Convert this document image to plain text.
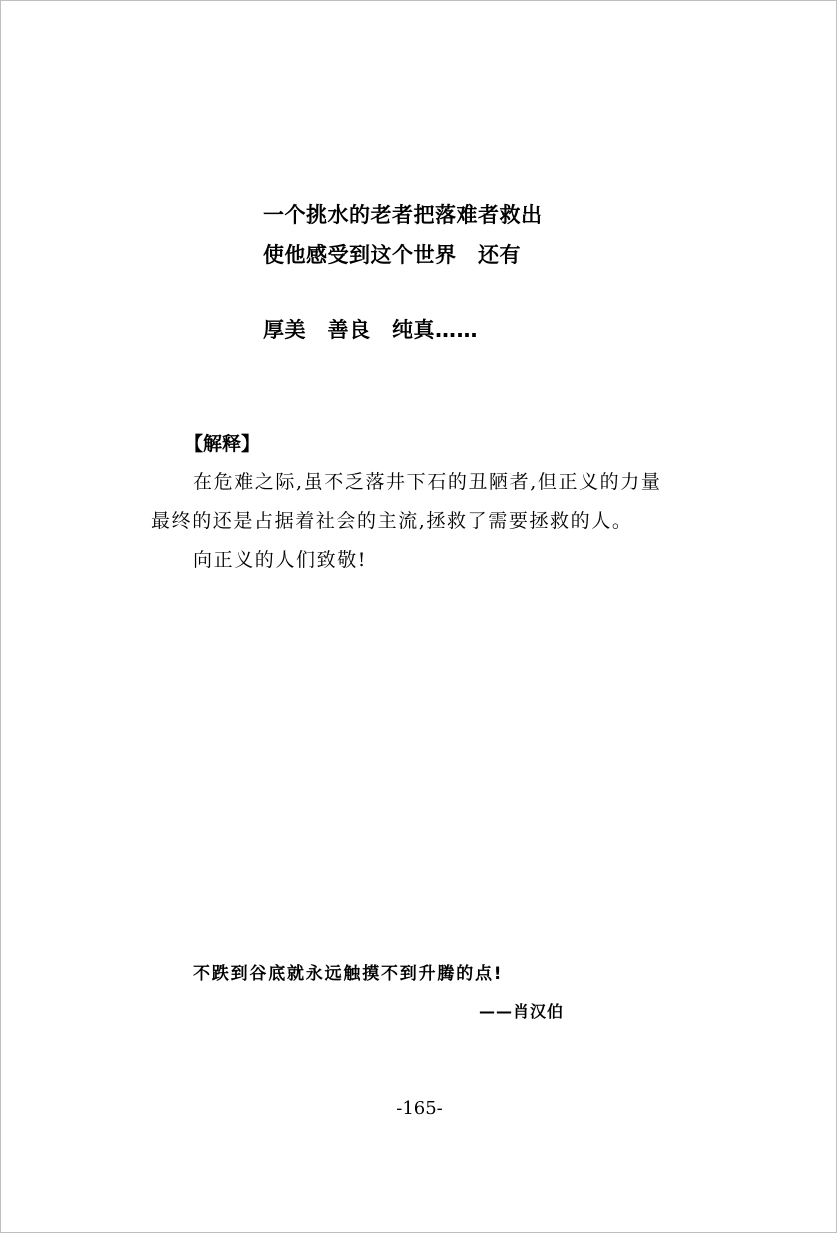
一个挑水的老者把落难者救出
使他感受到这个世界　还有
厚美　善良　纯真……
【解释】
在危难之际,虽不乏落井下石的丑陋者,但正义的力量
最终的还是占据着社会的主流,拯救了需要拯救的人。
向正义的人们致敬!
不跌到谷底就永远触摸不到升腾的点!
——肖汉伯
-165-
